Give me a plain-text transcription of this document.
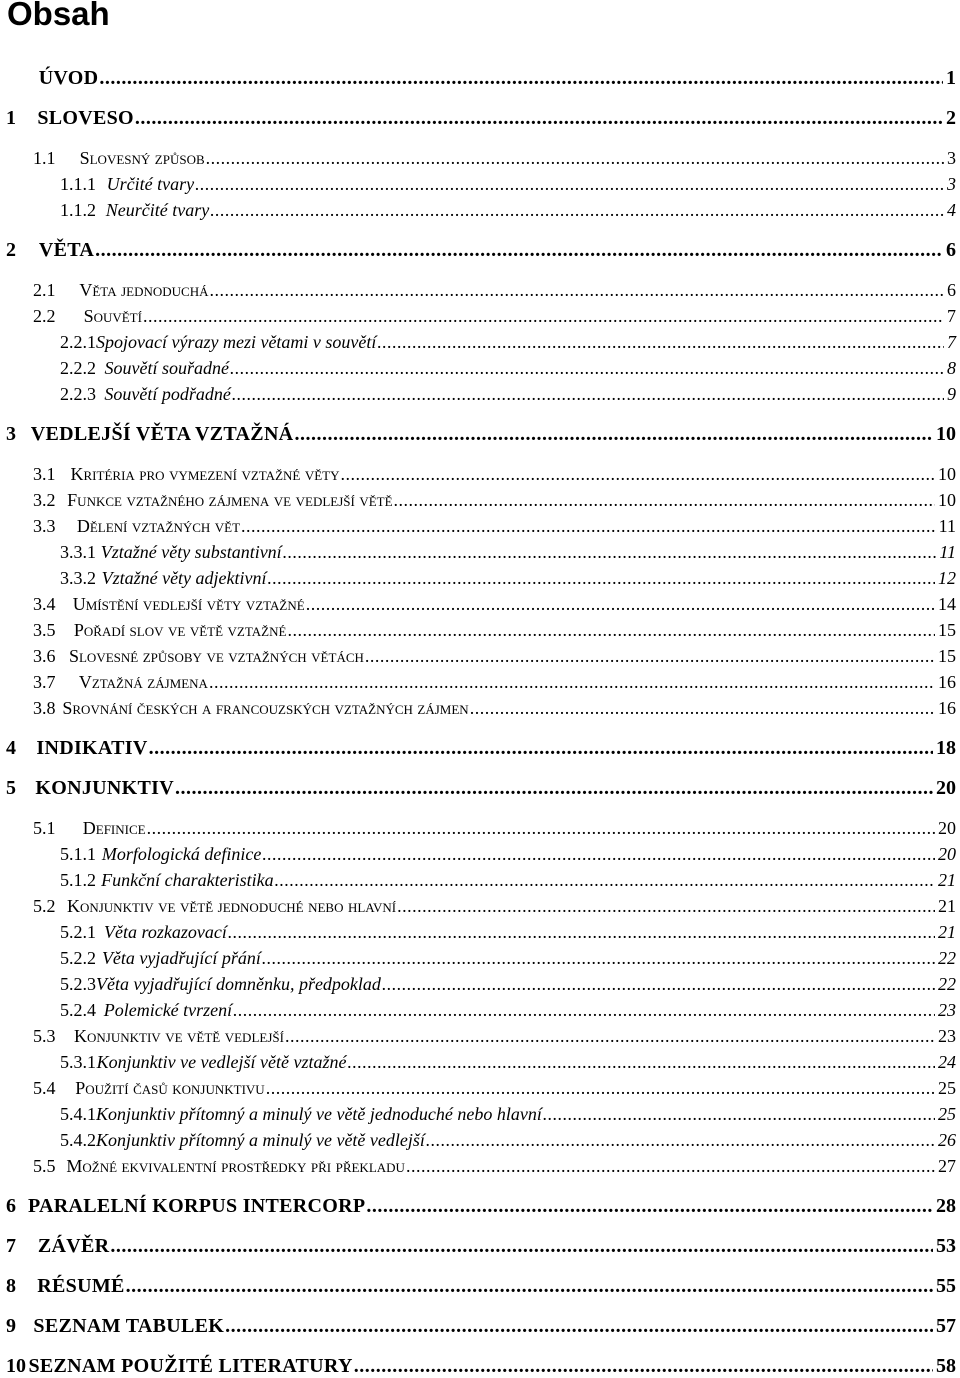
Obsah
ÚVOD .....	1
1	SLOVESO .....	2
1.1	Slovesný způsob .....	3
1.1.1 Určité tvary .....	3
1.1.2 Neurčité tvary .....	4
2	VĚTA .....	6
2.1	Věta jednoduchá .....	6
2.2	Souvětí .....	7
2.2.1 Spojovací výrazy mezi větami v souvětí .....	7
2.2.2 Souvětí souřadné .....	8
2.2.3 Souvětí podřadné .....	9
3 VEDLEJŠÍ VĚTA VZTAŽNÁ .....	10
3.1 Kritéria pro vymezení vztažné věty .....	10
3.2 Funkce vztažného zájmena ve vedlejší větě .....	10
3.3	Dělení vztažných vět .....	11
3.3.1 Vztažné věty substantivní .....	11
3.3.2 Vztažné věty adjektivní .....	12
3.4 Umístění vedlejší věty vztažné .....	14
3.5	Pořadí slov ve větě vztažné .....	15
3.6 Slovesné způsoby ve vztažných větách .....	15
3.7	Vztažná zájmena .....	16
3.8 Srovnání českých a francouzských vztažných zájmen .....	16
4	INDIKATIV .....	18
5 KONJUNKTIV .....	20
5.1	Definice .....	20
5.1.1 Morfologická definice .....	20
5.1.2 Funkční charakteristika .....	21
5.2 Konjunktiv ve větě jednoduché nebo hlavní .....	21
5.2.1 Věta rozkazovací .....	21
5.2.2 Věta vyjadřující přání .....	22
5.2.3 Věta vyjadřující domněnku, předpoklad .....	22
5.2.4 Polemické tvrzení .....	23
5.3	Konjunktiv ve větě vedlejší .....	23
5.3.1 Konjunktiv ve vedlejší větě vztažné .....	24
5.4	Použití časů konjunktivu .....	25
5.4.1 Konjunktiv přítomný a minulý ve větě jednoduché nebo hlavní .....	25
5.4.2 Konjunktiv přítomný a minulý ve větě vedlejší .....	26
5.5 Možné ekvivalentní prostředky při překladu .....	27
6 PARALELNÍ KORPUS INTERCORP .....	28
7	ZÁVĚR .....	53
8	RÉSUMÉ .....	55
9 SEZNAM TABULEK .....	57
10 SEZNAM POUŽITÉ LITERATURY .....	58
